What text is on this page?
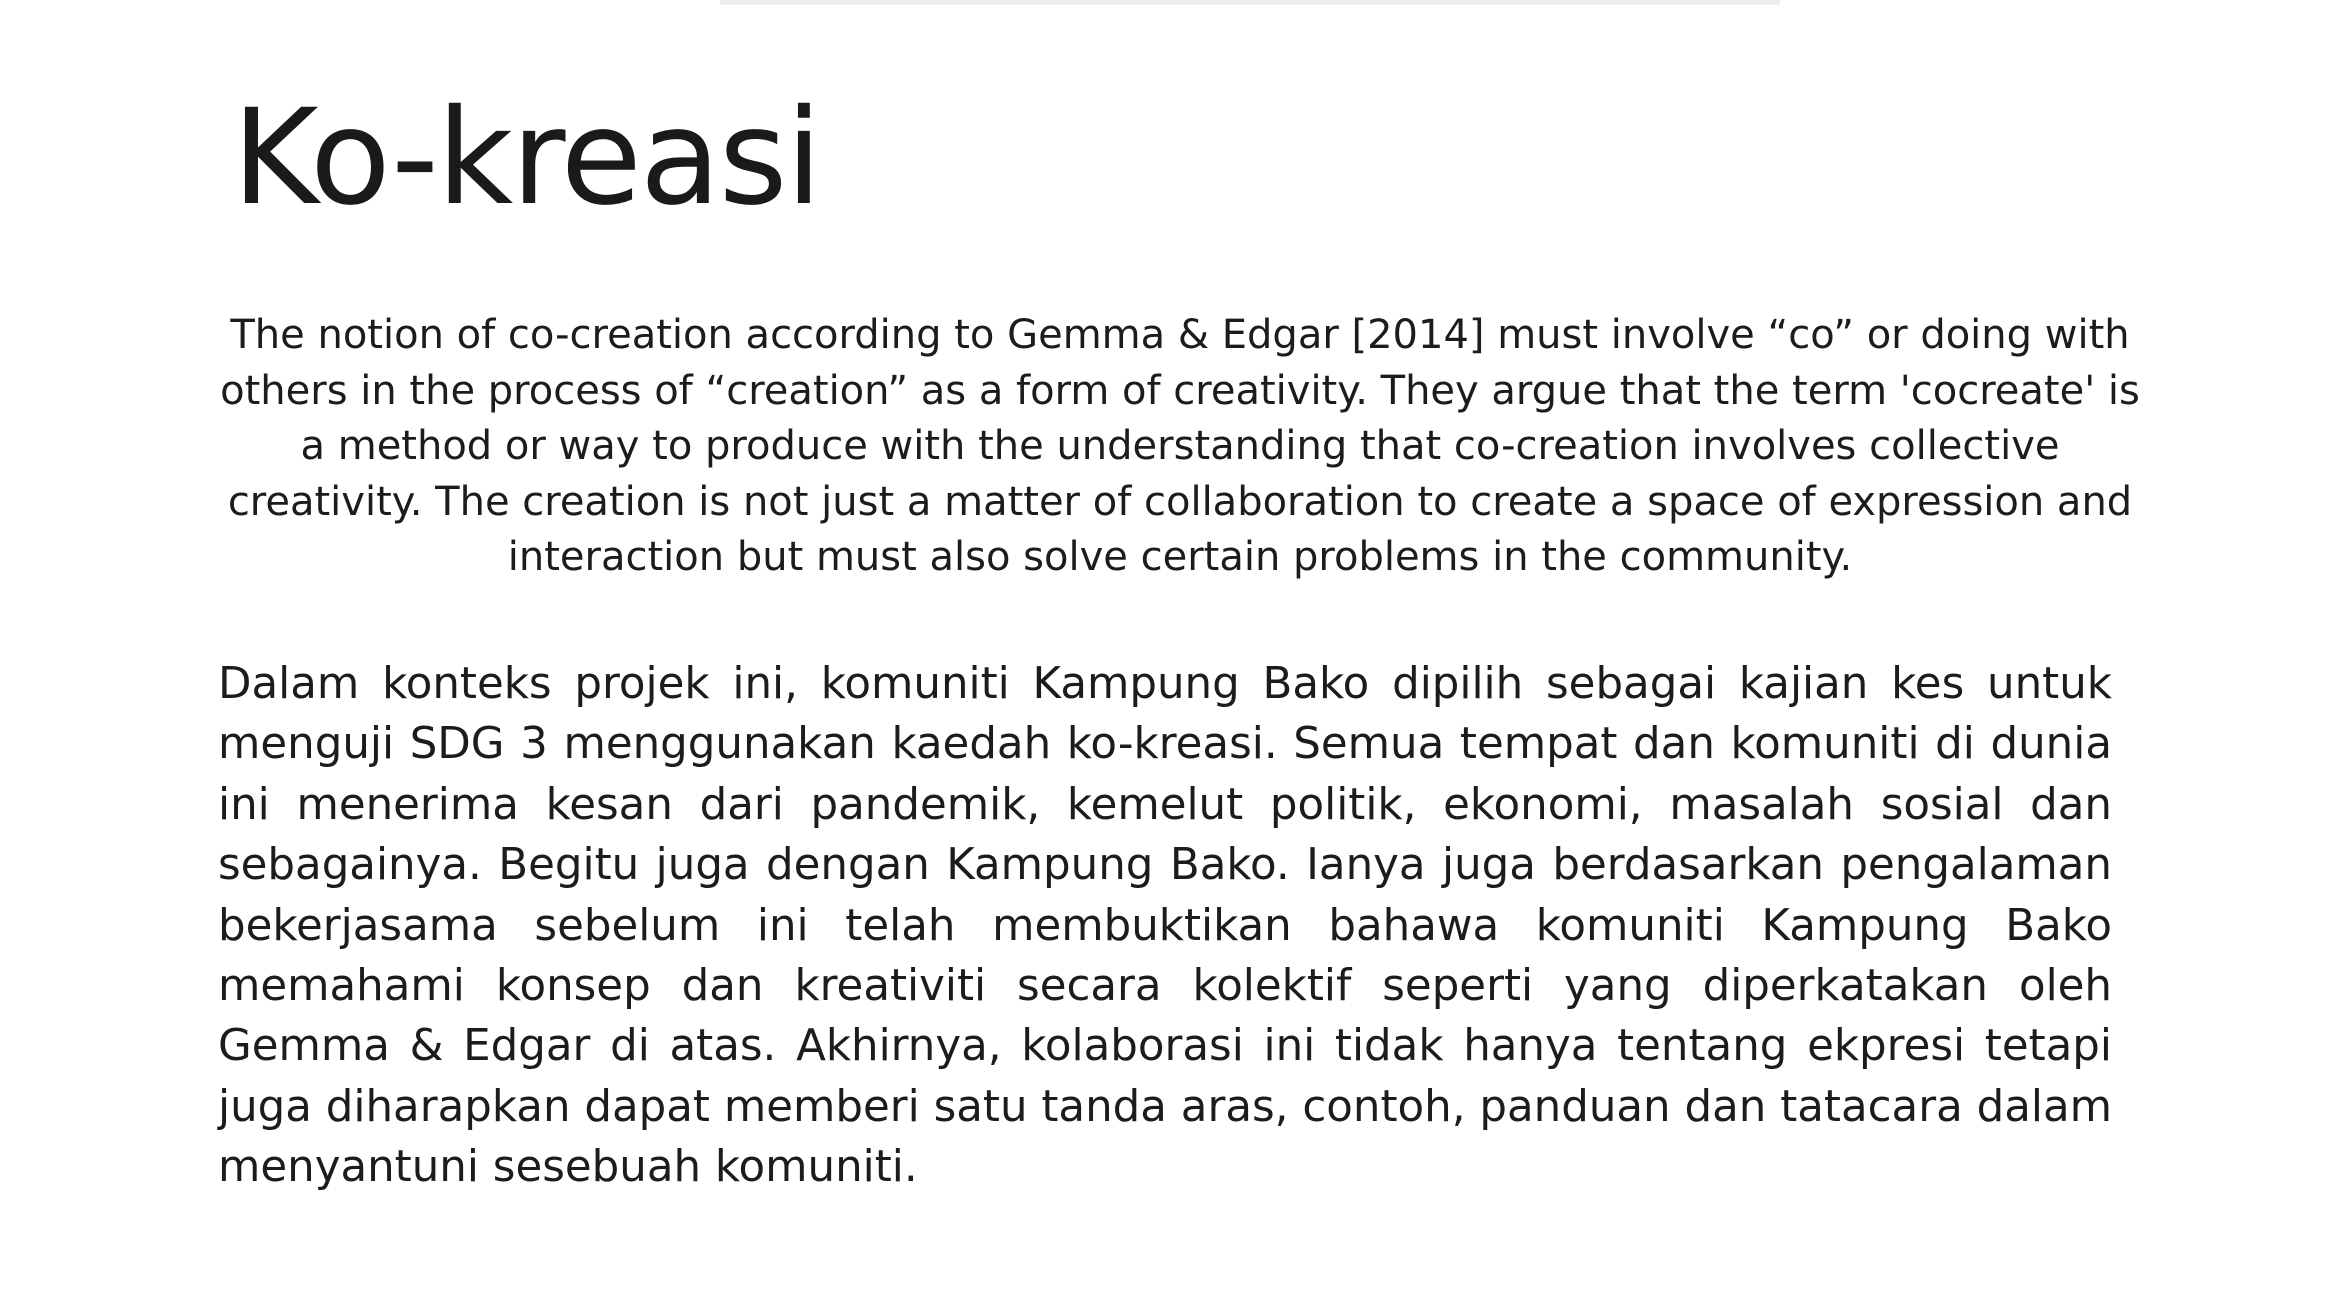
Ko-kreasi

The notion of co-creation according to Gemma & Edgar [2014] must involve “co” or doing with others in the process of “creation” as a form of creativity. They argue that the term 'cocreate' is a method or way to produce with the understanding that co-creation involves collective creativity. The creation is not just a matter of collaboration to create a space of expression and interaction but must also solve certain problems in the community.

Dalam konteks projek ini, komuniti Kampung Bako dipilih sebagai kajian kes untuk menguji SDG 3 menggunakan kaedah ko-kreasi. Semua tempat dan komuniti di dunia ini menerima kesan dari pandemik, kemelut politik, ekonomi, masalah sosial dan sebagainya. Begitu juga dengan Kampung Bako. Ianya juga berdasarkan pengalaman bekerjasama sebelum ini telah membuktikan bahawa komuniti Kampung Bako memahami konsep dan kreativiti secara kolektif seperti yang diperkatakan oleh Gemma & Edgar di atas. Akhirnya, kolaborasi ini tidak hanya tentang ekpresi tetapi juga diharapkan dapat memberi satu tanda aras, contoh, panduan dan tatacara dalam menyantuni sesebuah komuniti.
